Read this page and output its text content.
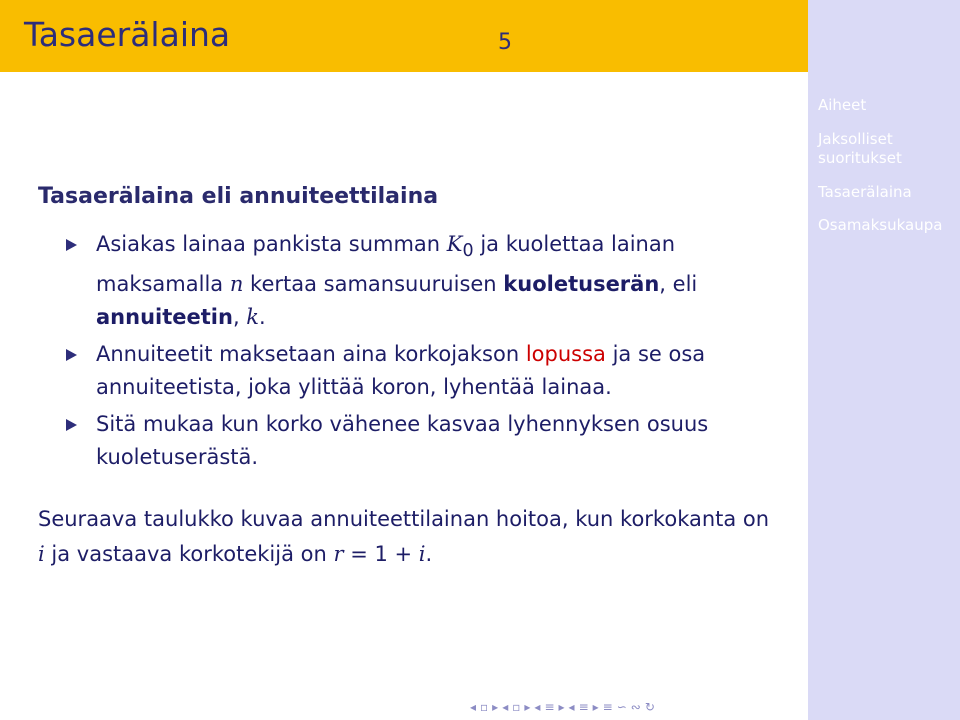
Tasaerälaina	5
Aiheet
Jaksolliset suoritukset
Tasaerälaina
Osamaksukaupa
Tasaerälaina eli annuiteettilaina
Asiakas lainaa pankista summan $K_0$ ja kuolettaa lainan maksamalla n kertaa samansuuruisen kuoletuserän, eli annuiteetin, k.
Annuiteetit maksetaan aina korkojakson lopussa ja se osa annuiteetista, joka ylittää koron, lyhentää lainaa.
Sitä mukaa kun korko vähenee kasvaa lyhennyksen osuus kuoletuserästä.
Seuraava taulukko kuvaa annuiteettilainan hoitoa, kun korkokanta on i ja vastaava korkotekijä on r = 1 + i.
◂ ▫ ▸ ◂ ▫ ▸ ◂ ≡ ▸ ◂ ≡ ▸ ≡ ∽ ∾ ↻
